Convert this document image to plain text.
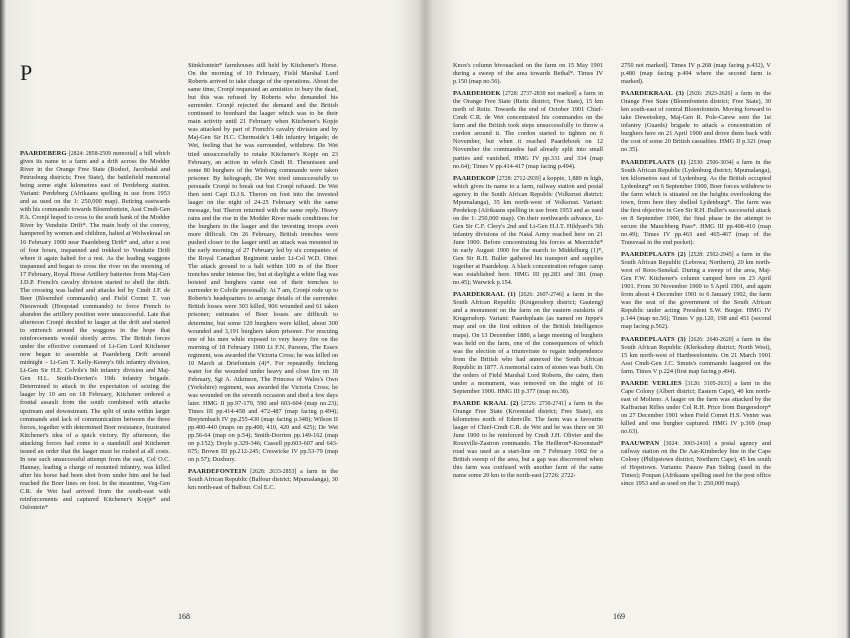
P

PAARDEBERG [2824: 2858-2509 memorial] a hill which gives its name to a farm and a drift across the Modder River in the Orange Free State (Boshof, Jacobsdal and Petrusburg districts; Free State), the battlefield memorial being some eight kilometres east of Perdeberg station. Variant: Perdeberg (Afrikaans spelling in use from 1953 and as used on the 1: 250,000 map). Retiring eastwards with his commando towards Bloemfontein, Asst Cmdt-Gen P.A. Cronjé hoped to cross to the south bank of the Modder River by Vendutie Drift*. The main body of the convoy, hampered by women and children, halted at Wolwekraal on 16 February 1900 near Paardeberg Drift* and, after a rest of four hours, inspanned and trekked to Vendutie Drift where it again halted for a rest. As the leading waggons inspanned and began to cross the river on the morning of 17 February, Royal Horse Artillery batteries from Maj-Gen J.D.P. French's cavalry division started to shell the drift. The crossing was halted and attacks led by Cmdt J.F. de Beer (Bloemhof commando) and Field Cornet T. van Nieuwoudt (Hoopstad commando) to force French to abandon the artillery position were unsuccessful. Late that afternoon Cronjé decided to laager at the drift and started to entrench around the waggons in the hope that reinforcements would shortly arrive. The British forces under the effective command of Lt-Gen Lord Kitchener now began to assemble at Paardeberg Drift around midnight – Lt-Gen T. Kelly-Kenny's 6th infantry division, Lt-Gen Sir H.E. Colvile's 9th infantry division and Maj-Gen H.L. Smith-Dorrien's 19th infantry brigade. Determined to attack in the expectation of seizing the laager by 10 am on 18 February, Kitchener ordered a frontal assault from the south combined with attacks upstream and downstream. The split of units within larger commands and lack of communication between the three forces, together with determined Boer resistance, frustrated Kitchener's idea of a quick victory. By afternoon, the attacking forces had come to a standstill and Kitchener issued an order that the laager must be rushed at all costs. In one such unsuccessful attempt from the east, Col O.C. Hannay, leading a charge of mounted infantry, was killed after his horse had been shot from under him and he had reached the Boer lines on foot. In the meantime, Veg-Gen C.R. de Wet had arrived from the south-east with reinforcements and captured Kitchener's Kopje* and Osfontein*

Stinkfontein* farmhouses still held by Kitchener's Horse. On the morning of 19 February, Field Marshal Lord Roberts arrived to take charge of the operations. About the same time, Cronjé requested an armistice to bury the dead, but this was refused by Roberts who demanded his surrender. Cronjé rejected the demand and the British continued to bombard the laager which was to be their main activity until 21 February when Kitchener's Kopje was attacked by part of French's cavalry division and by Maj-Gen Sir H.C. Chermside's 14th infantry brigade; de Wet, feeling that he was surrounded, withdrew. De Wet tried unsuccessfully to retake Kitchener's Kopje on 23 February, an action in which Cmdt H. Theunissen and some 80 burghers of the Winburg commando were taken prisoner. By heliograph, De Wet tried unsuccessfully to persuade Cronjé to break out but Cronjé refused. De Wet then sent Capt D.J.S. Theron on foot into the invested laager on the night of 24-25 February with the same message, but Theron returned with the same reply. Heavy rains and the rise in the Modder River made conditions for the burghers in the laager and the investing troops even more difficult. On 26 February, British trenches were pushed closer to the laager until an attack was mounted in the early morning of 27 February led by six companies of the Royal Canadian Regiment under Lt-Col W.D. Otter. The attack ground to a halt within 100 m of the Boer trenches under intense fire, but at daylight a white flag was hoisted and burghers came out of their trenches to surrender to Colvile personally. At 7 am, Cronjé rode up to Roberts's headquarters to arrange details of the surrender. British losses were 303 killed, 906 wounded and 61 taken prisoner; estimates of Boer losses are difficult to determine, but some 120 burghers were killed, about 300 wounded and 3,191 burghers taken prisoner. For rescuing one of his men while exposed to very heavy fire on the morning of 18 February 1900 Lt F.N. Parsons, The Essex regiment, was awarded the Victoria Cross; he was killed on 10 March at Driefontein (4)*. For repeatedly fetching water for the wounded under heavy and close fire on 18 February, Sgt A. Atkinson, The Princess of Wales's Own (Yorkshire) regiment, was awarded the Victoria Cross; he was wounded on the seventh occasion and died a few days later. HMG II pp.97-179, 590 and 603-604 (map no.23); Times III pp.414-458 and 472-487 (map facing p.494); Breytenbach IV pp.255-430 (map facing p.348); Wilson II pp.400-440 (maps on pp.400, 410, 420 and 425); De Wet pp.56-64 (map on p.54); Smith-Dorrien pp.149-162 (map on p.152); Doyle p.329-346; Cassell pp.603-607 and 643-675; Brown III pp.212-245; Creswicke IV pp.53-79 (map on p.57); Duxbury.

PAARDEFONTEIN [2628: 2633-2853] a farm in the South African Republic (Balfour district; Mpumalanga), 30 km north-east of Balfour. Col E.C.

168

Knox's column bivouacked on the farm on 15 May 1901 during a sweep of the area towards Bethal*. Times IV p.150 (map no.56).

PAARDEHOEK [2728: 2737-2830 not marked] a farm in the Orange Free State (Reitz district; Free State), 15 km north of Reitz. Towards the end of October 1901 Chief-Cmdt C.R. de Wet concentrated his commandos on the farm and the British took steps unsuccessfully to throw a cordon around it. The cordon started to tighten on 6 November, but when it reached Paardehoek on 12 November the commandos had already split into small parties and vanished. HMG IV pp.331 and 334 (map no.64); Times V pp.414-417 (map facing p.494).

PAARDEKOP [2728: 2712-2939] a koppie, 1,889 m high, which gives its name to a farm, railway station and postal agency in the South African Republic (Volksrust district; Mpumalanga), 35 km north-west of Volksrust. Variant: Perdekop (Afrikaans spelling in use from 1953 and as used on the 1: 250,000 map). On their northwards advance, Lt-Gen Sir C.F. Clery's 2nd and Lt-Gen H.J.T. Hildyard's 5th infantry divisions of the Natal Army reached here on 21 June 1900. Before concentrating his forces at Meerzicht* in early August 1900 for the march to Middelburg (1)*, Gen Sir R.H. Buller gathered his transport and supplies together at Paardekop. A black concentration refugee camp was established here. HMG III pp.283 and 381 (map no.45); Warwick p.154.

PAARDEKRAAL (1) [2626: 2607-2746] a farm in the South African Republic (Krugersdorp district; Gauteng) and a monument on the farm on the eastern outskirts of Krugersdorp. Variant: Paardeplaats (as named on Jeppe's map and on the first edition of the British Intelligence maps). On 13 December 1880, a large meeting of burghers was held on the farm, one of the consequences of which was the election of a triumvirate to regain independence from the British who had annexed the South African Republic in 1877. A memorial cairn of stones was built. On the orders of Field Marshal Lord Roberts, the cairn, then under a monument, was removed on the night of 16 September 1900. HMG III p.377 (map no.38).

PAARDE KRAAL (2) [2726: 2730-2741] a farm in the Orange Free State (Kroonstad district; Free State), six kilometres north of Edenville. The farm was a favourite laager of Chief-Cmdt C.R. de Wet and he was there on 30 June 1900 to be reinforced by Cmdt J.H. Olivier and the Rouxville-Zastron commando. The Heilbron*-Kroonstad* road was used as a start-line on 7 February 1902 for a British sweep of the area, but a gap was discovered when this farm was confused with another farm of the same name some 20 km to the north-east [2726: 2722-

2750 not marked]. Times IV p.268 (map facing p.432), V p.480 (map facing p.494 where the second farm is marked).

PAARDEKRAAL (3) [2926: 2923-2626] a farm in the Orange Free State (Bloemfontein district; Free State), 30 km south-east of central Bloemfontein. Moving forward to take Dewetsdorp, Maj-Gen R. Pole-Carew sent the 1st infantry (Guards) brigade to attack a concentration of burghers here on 21 April 1900 and drove them back with the cost of some 20 British casualties. HMG II p.321 (map no.35).

PAARDEPLAATS (1) [2530: 2506-3034] a farm in the South African Republic (Lydenburg district; Mpumalanga), ten kilometres east of Lydenburg. As the British occupied Lydenburg* on 6 September 1900, Boer forces withdrew to the farm which is situated on the heights overlooking the town, from here they shelled Lydenburg*. The farm was the first objective in Gen Sir R.H. Buller's successful attack on 8 September 1900, the final phase in the attempt to secure the Mauchberg Pass*. HMG III pp.408-410 (map no.49); Times IV pp.463 and 465-467 (map of the Transvaal in the end pocket).

PAARDEPLAATS (2) [2528: 2502-2945] a farm in the South African Republic (Lebowa; Northern), 20 km north-west of Roos-Senekal. During a sweep of the area, Maj-Gen F.W. Kitchener's column camped here on 23 April 1901. From 30 November 1900 to 5 April 1901, and again from about 4 December 1901 to 6 January 1902, the farm was the seat of the government of the South African Republic under acting President S.W. Burger. HMG IV p.144 (map no.56); Times V pp.120, 198 and 451 (second map facing p.562).

PAARDEPLAATS (3) [2626: 2640-2620] a farm in the South African Republic (Klerksdorp district; North West), 15 km north-west of Hartbeesfontein. On 21 March 1901 Asst Cmdt-Gen J.C. Smuts's commando laagered on the farm. Times V p.224 (first map facing p.494).

PAARDE VERLIES [3126: 3105-2633] a farm in the Cape Colony (Albert district; Eastern Cape), 40 km north-east of Molteno. A laager on the farm was attacked by the Kaffrarian Rifles under Col R.H. Price from Burgersdorp* on 27 December 1901 when Field Cornet H.S. Venter was killed and one burgher captured. HMG IV p.369 (map no.63).

PAAUWPAN [3024: 3003-2410] a postal agency and railway station on the De Aar-Kimberley line in the Cape Colony (Philipstown district; Northern Cape), 45 km south of Hopetown. Variants: Pauuw Pan Siding (used in the Times); Poupan (Afrikaans spelling used for the post office since 1953 and as used on the 1: 250,000 map).

169
